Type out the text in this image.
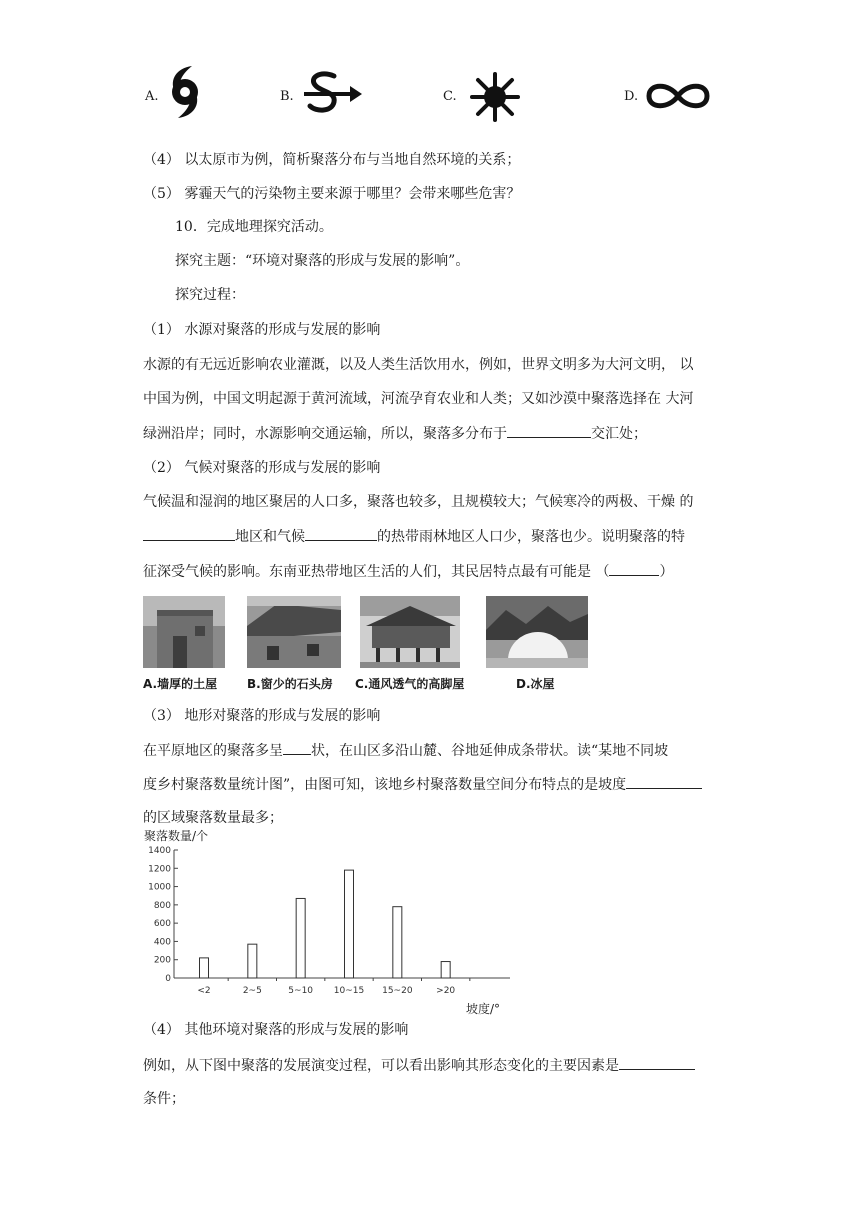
A.	B.	C.	D.
（4） 以太原市为例，简析聚落分布与当地自然环境的关系；
（5） 雾霾天气的污染物主要来源于哪里？会带来哪些危害？
10．完成地理探究活动。
探究主题：“环境对聚落的形成与发展的影响”。
探究过程：
（1） 水源对聚落的形成与发展的影响
水源的有无远近影响农业灌溉，以及人类生活饮用水，例如，世界文明多为大河文明， 以
中国为例，中国文明起源于黄河流域，河流孕育农业和人类；又如沙漠中聚落选择在 大河
绿洲沿岸；同时，水源影响交通运输，所以，聚落多分布于	交汇处；
（2） 气候对聚落的形成与发展的影响
气候温和湿润的地区聚居的人口多，聚落也较多，且规模较大；气候寒冷的两极、干燥 的
地区和气候	的热带雨林地区人口少，聚落也少。说明聚落的特
征深受气候的影响。东南亚热带地区生活的人们，其民居特点最有可能是 （	）
A.墙厚的土屋 B.窗少的石头房 C.通风透气的高脚屋	D.冰屋
（3） 地形对聚落的形成与发展的影响
在平原地区的聚落多呈 状，在山区多沿山麓、谷地延伸成条带状。读“某地不同坡
度乡村聚落数量统计图”，由图可知，该地乡村聚落数量空间分布特点的是坡度
的区域聚落数量最多；
聚落数量/个
0
200
400
600
800
1000
1200
1400
<2	2~5	5~10 10~15 15~20	>20
坡度/°
（4） 其他环境对聚落的形成与发展的影响
例如，从下图中聚落的发展演变过程，可以看出影响其形态变化的主要因素是
条件；
